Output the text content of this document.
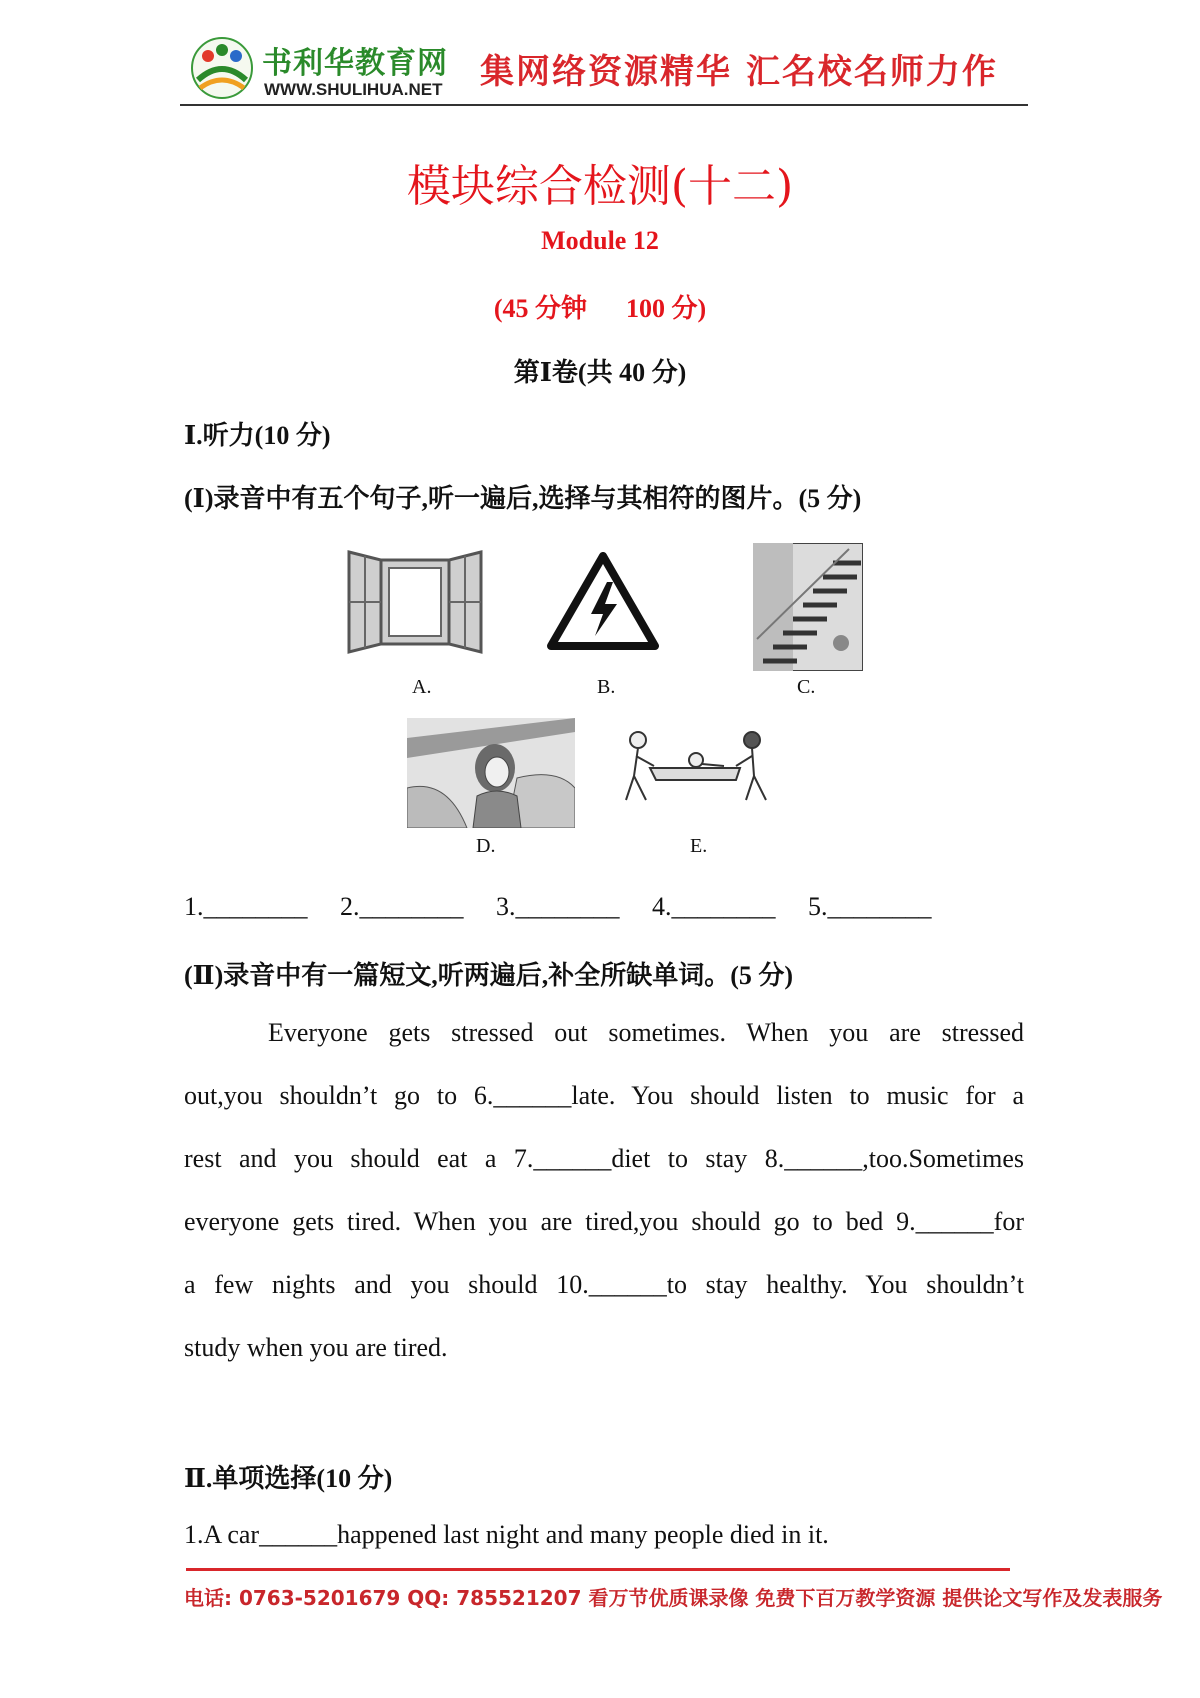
书利华教育网
WWW.SHULIHUA.NET 集网络资源精华 汇名校名师力作
模块综合检测(十二)
Module 12
(45 分钟      100 分)
第Ⅰ卷(共 40 分)
Ⅰ.听力(10 分)
(Ⅰ)录音中有五个句子,听一遍后,选择与其相符的图片。(5 分)
A.	B.	C.
D.	E.
1.________ 2.________ 3.________ 4.________ 5.________
(Ⅱ)录音中有一篇短文,听两遍后,补全所缺单词。(5 分)
Everyone gets stressed out sometimes. When you are stressed
out,you shouldn’t go to 6.______late. You should listen to music for a
rest and you should eat a 7.______diet to stay 8.______,too.Sometimes
everyone gets tired. When you are tired,you should go to bed 9.______for
a few nights and you should 10.______to stay healthy. You shouldn’t
study when you are tired.
Ⅱ.单项选择(10 分)
1.A car______happened last night and many people died in it.
电话: 0763-5201679 QQ: 785521207 看万节优质课录像 免费下百万教学资源 提供论文写作及发表服务
